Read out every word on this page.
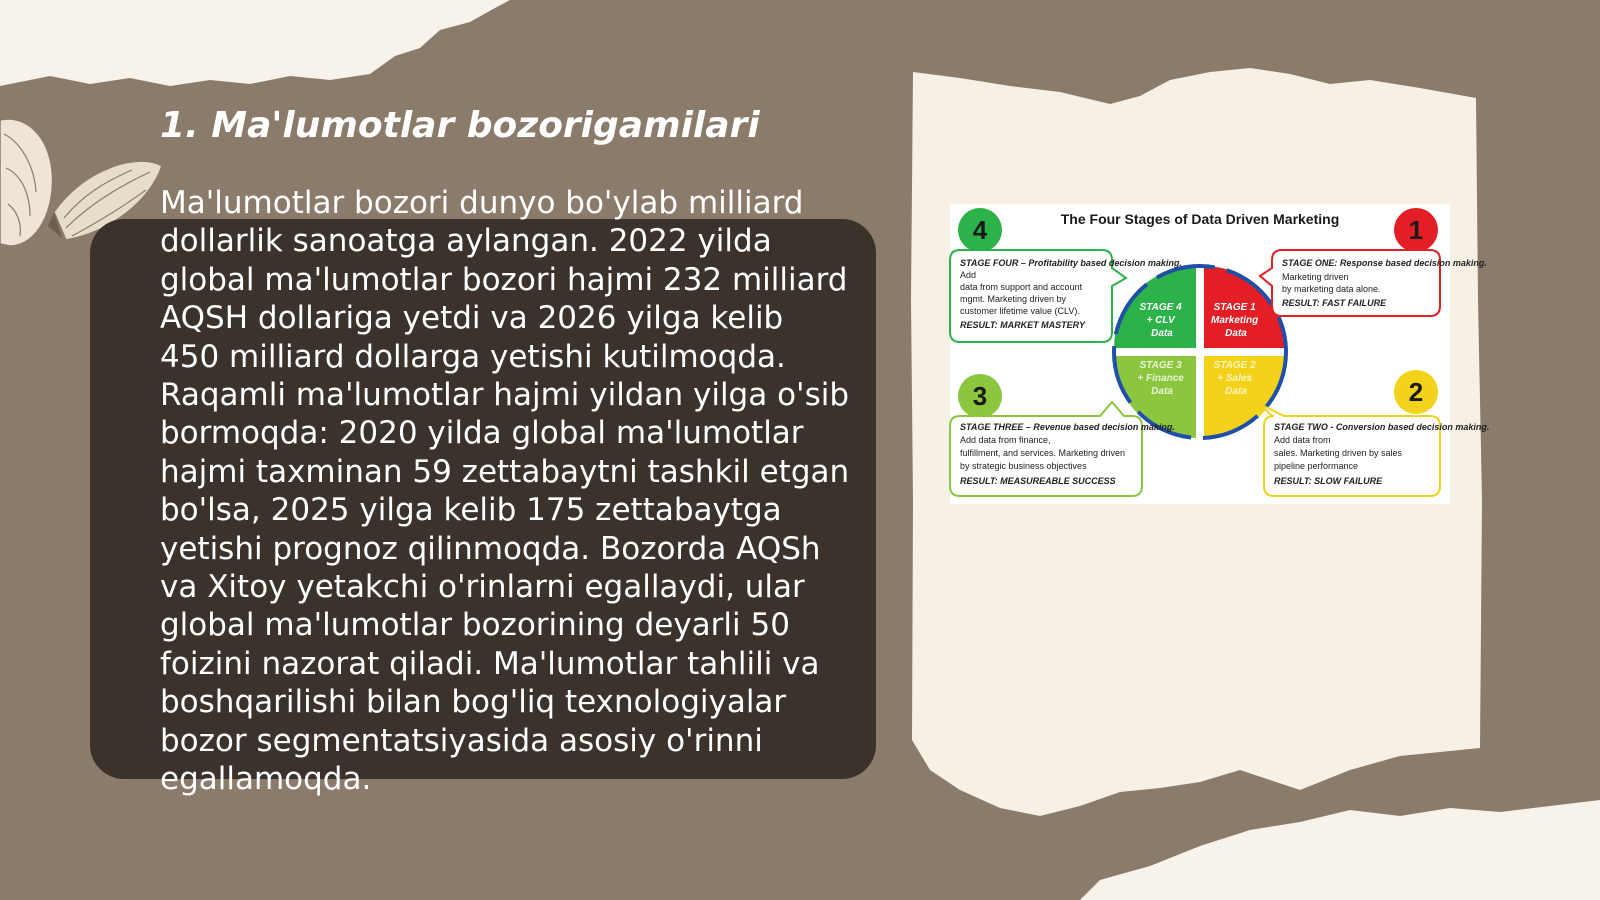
1. Ma'lumotlar bozorigamilari

Ma'lumotlar bozori dunyo bo'ylab milliard dollarlik sanoatga aylangan. 2022 yilda global ma'lumotlar bozori hajmi 232 milliard AQSH dollariga yetdi va 2026 yilga kelib 450 milliard dollarga yetishi kutilmoqda. Raqamli ma'lumotlar hajmi yildan yilga o'sib bormoqda: 2020 yilda global ma'lumotlar hajmi taxminan 59 zettabaytni tashkil etgan bo'lsa, 2025 yilga kelib 175 zettabaytga yetishi prognoz qilinmoqda. Bozorda AQSh va Xitoy yetakchi o'rinlarni egallaydi, ular global ma'lumotlar bozorining deyarli 50 foizini nazorat qiladi. Ma'lumotlar tahlili va boshqarilishi bilan bog'liq texnologiyalar bozor segmentatsiyasida asosiy o'rinni egallamoqda.

The Four Stages of Data Driven Marketing
STAGE 4 + CLV Data
STAGE 1 Marketing Data
STAGE 3 + Finance Data
STAGE 2 + Sales Data
4
STAGE FOUR – Profitability based decision making. Add data from support and account mgmt. Marketing driven by customer lifetime value (CLV). RESULT: MARKET MASTERY
1
STAGE ONE: Response based decision making. Marketing driven by marketing data alone. RESULT: FAST FAILURE
3
STAGE THREE – Revenue based decision making. Add data from finance, fulfillment, and services. Marketing driven by strategic business objectives RESULT: MEASUREABLE SUCCESS
2
STAGE TWO - Conversion based decision making. Add data from sales. Marketing driven by sales pipeline performance RESULT: SLOW FAILURE
